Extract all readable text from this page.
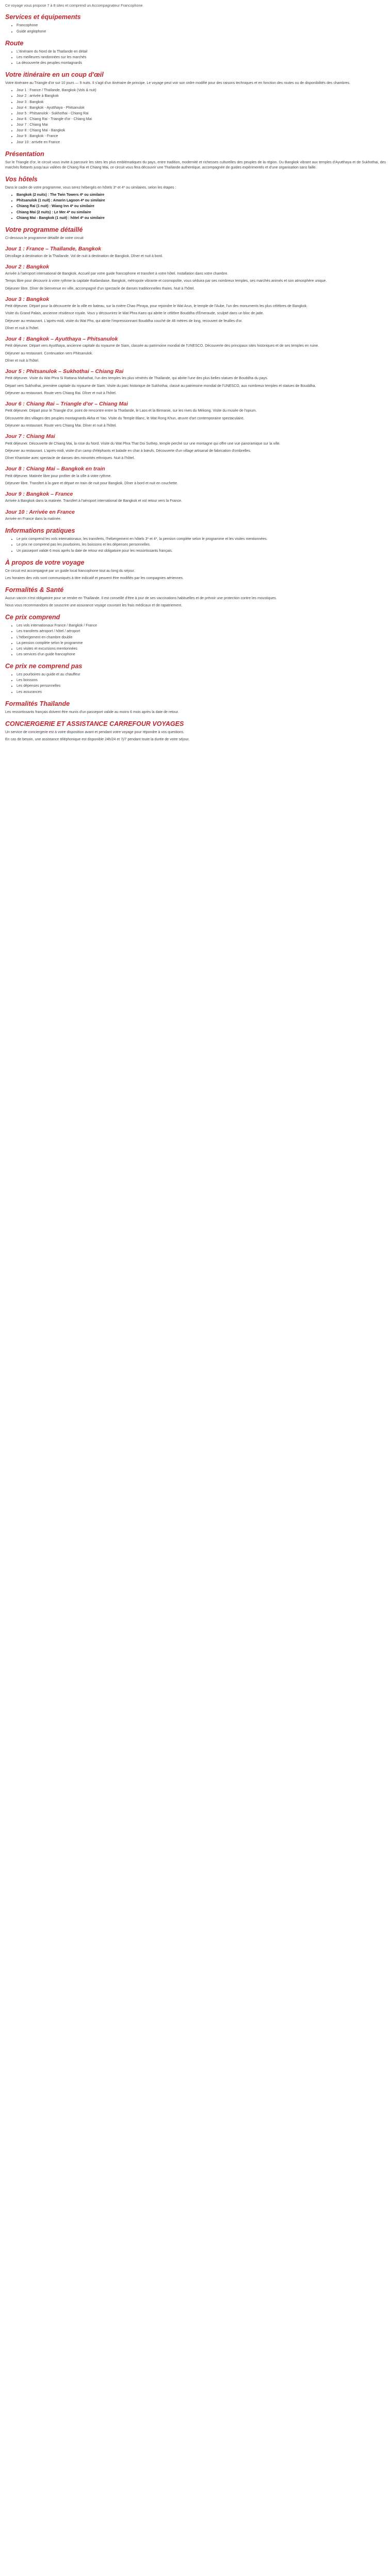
Ce voyage vous propose 7 à 8 sites et comprend un Accompagnateur Francophone

Services et équipements
• Francophone
• Guide anglophone
Route
• L'itinéraire du Nord de la Thaïlande en détail
• Les meilleures randonnées sur les marchés
• La découverte des peuples montagnards
Votre itinéraire en un coup d'œil

Votre itinéraire au Triangle d'or sur 10 jours — 9 nuits. Il s'agit d'un itinéraire de principe. Le voyage peut voir son ordre modifié pour des raisons techniques et en fonction des routes ou de disponibilités des chambres.

• Jour 1 : France / Thaïlande, Bangkok (Vols & nuit)
• Jour 2 : arrivée à Bangkok
• Jour 3 : Bangkok
• Jour 4 : Bangkok - Ayutthaya - Phitsanulok
• Jour 5 : Phitsanulok - Sukhothai - Chiang Rai
• Jour 6 : Chiang Rai - Triangle d'or - Chiang Mai
• Jour 7 : Chiang Mai
• Jour 8 : Chiang Mai - Bangkok
• Jour 9 : Bangkok - France
• Jour 10 : arrivée en France
Présentation

Sur le Triangle d'or, le circuit vous invite à parcourir les sites les plus emblématiques du pays, entre tradition, modernité et richesses culturelles des peuples de la région. Du Bangkok vibrant aux temples d'Ayutthaya et de Sukhothai, des marchés flottants jusqu'aux vallées de Chiang Rai et Chiang Mai, ce circuit vous fera découvrir une Thaïlande authentique, accompagnée de guides expérimentés et d'une organisation sans faille.

Vos hôtels

Dans le cadre de votre programme, vous serez hébergés en hôtels 3* et 4* ou similaires, selon les étapes :

• Bangkok (2 nuits) : The Twin Towers 4* ou similaire
• Phitsanulok (1 nuit) : Amarin Lagoon 4* ou similaire
• Chiang Rai (1 nuit) : Wiang Inn 4* ou similaire
• Chiang Mai (2 nuits) : Le Mer 4* ou similaire
• Chiang Mai - Bangkok (1 nuit) : hôtel 4* ou similaire
Votre programme détaillé

Ci-dessous le programme détaillé de votre circuit

Jour 1 : France – Thaïlande, Bangkok

Décollage à destination de la Thaïlande. Vol de nuit à destination de Bangkok. Dîner et nuit à bord.

Jour 2 : Bangkok

Arrivée à l'aéroport international de Bangkok. Accueil par votre guide francophone et transfert à votre hôtel. Installation dans votre chambre.

Temps libre pour découvrir à votre rythme la capitale thaïlandaise. Bangkok, métropole vibrante et cosmopolite, vous séduira par ses nombreux temples, ses marchés animés et son atmosphère unique.

Déjeuner libre. Dîner de bienvenue en ville, accompagné d'un spectacle de danses traditionnelles thaïes. Nuit à l'hôtel.

Jour 3 : Bangkok

Petit déjeuner. Départ pour la découverte de la ville en bateau, sur la rivière Chao Phraya, pour rejoindre le Wat Arun, le temple de l'Aube, l'un des monuments les plus célèbres de Bangkok.

Visite du Grand Palais, ancienne résidence royale. Vous y découvrirez le Wat Phra Kaeo qui abrite le célèbre Bouddha d'Émeraude, sculpté dans un bloc de jade.

Déjeuner au restaurant. L'après-midi, visite du Wat Pho, qui abrite l'impressionnant Bouddha couché de 46 mètres de long, recouvert de feuilles d'or.

Dîner et nuit à l'hôtel.

Jour 4 : Bangkok – Ayutthaya – Phitsanulok

Petit déjeuner. Départ vers Ayutthaya, ancienne capitale du royaume de Siam, classée au patrimoine mondial de l'UNESCO. Découverte des principaux sites historiques et de ses temples en ruine.

Déjeuner au restaurant. Continuation vers Phitsanulok.

Dîner et nuit à l'hôtel.

Jour 5 : Phitsanulok – Sukhothai – Chiang Rai

Petit déjeuner. Visite du Wat Phra Si Rattana Mahathat, l'un des temples les plus vénérés de Thaïlande, qui abrite l'une des plus belles statues de Bouddha du pays.

Départ vers Sukhothai, première capitale du royaume de Siam. Visite du parc historique de Sukhothai, classé au patrimoine mondial de l'UNESCO, aux nombreux temples et statues de Bouddha.

Déjeuner au restaurant. Route vers Chiang Rai. Dîner et nuit à l'hôtel.

Jour 6 : Chiang Rai – Triangle d'or – Chiang Mai

Petit déjeuner. Départ pour le Triangle d'or, point de rencontre entre la Thaïlande, le Laos et la Birmanie, sur les rives du Mékong. Visite du musée de l'opium.

Découverte des villages des peuples montagnards Akha et Yao. Visite du Temple Blanc, le Wat Rong Khun, œuvre d'art contemporaine spectaculaire.

Déjeuner au restaurant. Route vers Chiang Mai. Dîner et nuit à l'hôtel.

Jour 7 : Chiang Mai

Petit déjeuner. Découverte de Chiang Mai, la rose du Nord. Visite du Wat Phra That Doi Suthep, temple perché sur une montagne qui offre une vue panoramique sur la ville.

Déjeuner au restaurant. L'après-midi, visite d'un camp d'éléphants et balade en char à bœufs. Découverte d'un village artisanal de fabrication d'ombrelles.

Dîner Khantoke avec spectacle de danses des minorités ethniques. Nuit à l'hôtel.

Jour 8 : Chiang Mai – Bangkok en train

Petit déjeuner. Matinée libre pour profiter de la ville à votre rythme.

Déjeuner libre. Transfert à la gare et départ en train de nuit pour Bangkok. Dîner à bord et nuit en couchette.

Jour 9 : Bangkok – France

Arrivée à Bangkok dans la matinée. Transfert à l'aéroport international de Bangkok et vol retour vers la France.

Jour 10 : Arrivée en France

Arrivée en France dans la matinée.

Informations pratiques
• Le prix comprend les vols internationaux, les transferts, l'hébergement en hôtels 3* et 4*, la pension complète selon le programme et les visites mentionnées.
• Le prix ne comprend pas les pourboires, les boissons et les dépenses personnelles.
• Un passeport valide 6 mois après la date de retour est obligatoire pour les ressortissants français.
À propos de votre voyage

Ce circuit est accompagné par un guide local francophone tout au long du séjour.

Les horaires des vols sont communiqués à titre indicatif et peuvent être modifiés par les compagnies aériennes.

Formalités & Santé

Aucun vaccin n'est obligatoire pour se rendre en Thaïlande. Il est conseillé d'être à jour de ses vaccinations habituelles et de prévoir une protection contre les moustiques.

Nous vous recommandons de souscrire une assurance voyage couvrant les frais médicaux et de rapatriement.

Ce prix comprend
• Les vols internationaux France / Bangkok / France
• Les transferts aéroport / hôtel / aéroport
• L'hébergement en chambre double
• La pension complète selon le programme
• Les visites et excursions mentionnées
• Les services d'un guide francophone
Ce prix ne comprend pas
• Les pourboires au guide et au chauffeur
• Les boissons
• Les dépenses personnelles
• Les assurances
Formalités Thaïlande

Les ressortissants français doivent être munis d'un passeport valide au moins 6 mois après la date de retour.

CONCIERGERIE ET ASSISTANCE CARREFOUR VOYAGES

Un service de conciergerie est à votre disposition avant et pendant votre voyage pour répondre à vos questions.

En cas de besoin, une assistance téléphonique est disponible 24h/24 et 7j/7 pendant toute la durée de votre séjour.
